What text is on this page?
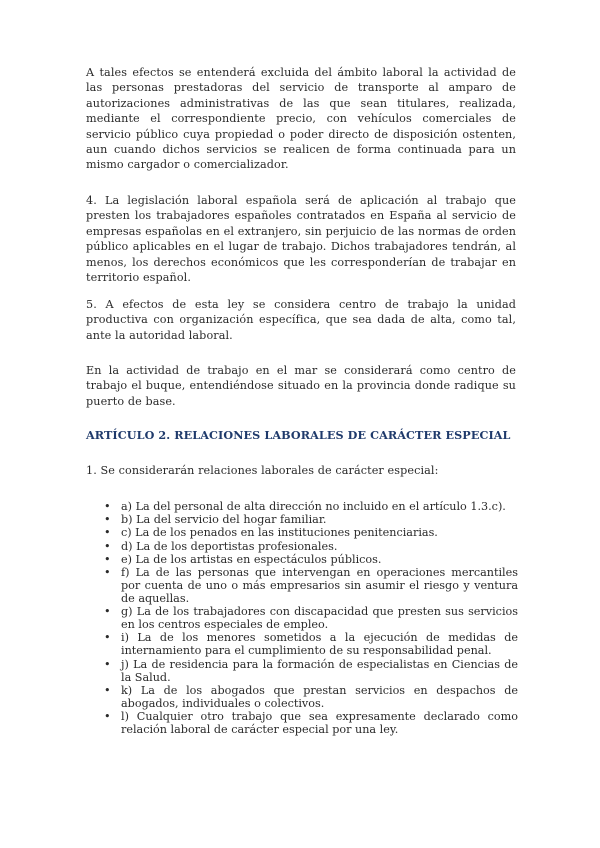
A tales efectos se entenderá excluida del ámbito laboral la actividad de las personas prestadoras del servicio de transporte al amparo de autorizaciones administrativas de las que sean titulares, realizada, mediante el correspondiente precio, con vehículos comerciales de servicio público cuya propiedad o poder directo de disposición ostenten, aun cuando dichos servicios se realicen de forma continuada para un mismo cargador o comercializador.

4. La legislación laboral española será de aplicación al trabajo que presten los trabajadores españoles contratados en España al servicio de empresas españolas en el extranjero, sin perjuicio de las normas de orden público aplicables en el lugar de trabajo. Dichos trabajadores tendrán, al menos, los derechos económicos que les corresponderían de trabajar en territorio español.

5. A efectos de esta ley se considera centro de trabajo la unidad productiva con organización específica, que sea dada de alta, como tal, ante la autoridad laboral.

En la actividad de trabajo en el mar se considerará como centro de trabajo el buque, entendiéndose situado en la provincia donde radique su puerto de base.

ARTÍCULO 2. RELACIONES LABORALES DE CARÁCTER ESPECIAL

1. Se considerarán relaciones laborales de carácter especial:

• a) La del personal de alta dirección no incluido en el artículo 1.3.c).
• b) La del servicio del hogar familiar.
• c) La de los penados en las instituciones penitenciarias.
• d) La de los deportistas profesionales.
• e) La de los artistas en espectáculos públicos.
• f) La de las personas que intervengan en operaciones mercantiles por cuenta de uno o más empresarios sin asumir el riesgo y ventura de aquellas.
• g) La de los trabajadores con discapacidad que presten sus servicios en los centros especiales de empleo.
• i) La de los menores sometidos a la ejecución de medidas de internamiento para el cumplimiento de su responsabilidad penal.
• j) La de residencia para la formación de especialistas en Ciencias de la Salud.
• k) La de los abogados que prestan servicios en despachos de abogados, individuales o colectivos.
• l) Cualquier otro trabajo que sea expresamente declarado como relación laboral de carácter especial por una ley.
